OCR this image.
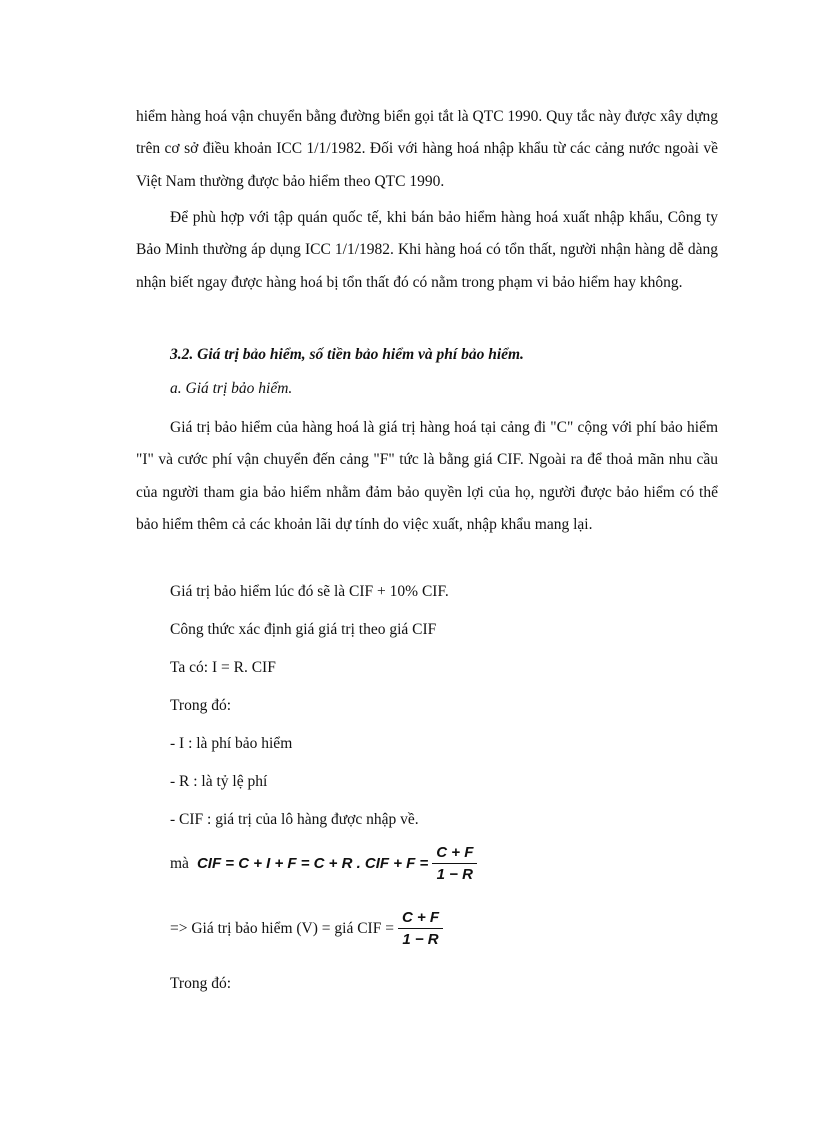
hiểm hàng hoá vận chuyển bằng đường biển gọi tắt là QTC 1990. Quy tắc này được xây dựng trên cơ sở điều khoản ICC 1/1/1982. Đối với hàng hoá nhập khẩu từ các cảng nước ngoài về Việt Nam thường được bảo hiểm theo QTC 1990.
Để phù hợp với tập quán quốc tế, khi bán bảo hiểm hàng hoá xuất nhập khẩu, Công ty Bảo Minh thường áp dụng ICC 1/1/1982. Khi hàng hoá có tổn thất, người nhận hàng dễ dàng nhận biết ngay được hàng hoá bị tổn thất đó có nằm trong phạm vi bảo hiểm hay không.
3.2. Giá trị bảo hiểm, số tiền bảo hiểm và phí bảo hiểm.
a. Giá trị bảo hiểm.
Giá trị bảo hiểm của hàng hoá là giá trị hàng hoá tại cảng đi "C" cộng với phí bảo hiểm "I" và cước phí vận chuyển đến cảng "F" tức là bằng giá CIF. Ngoài ra để thoả mãn nhu cầu của người tham gia bảo hiểm nhằm đảm bảo quyền lợi của họ, người được bảo hiểm có thể bảo hiểm thêm cả các khoản lãi dự tính do việc xuất, nhập khẩu mang lại.
Giá trị bảo hiểm lúc đó sẽ là CIF + 10% CIF.
Công thức xác định giá giá trị theo giá CIF
Ta có: I = R. CIF
Trong đó:
- I : là phí bảo hiểm
- R : là tỷ lệ phí
- CIF : giá trị của lô hàng được nhập về.
mà CIF = C + I + F = C + R . CIF + $F = \frac{C + F}{1 - R}$
=> Giá trị bảo hiểm (V) = giá CIF = $\frac{C + F}{1 - R}$
Trong đó:
